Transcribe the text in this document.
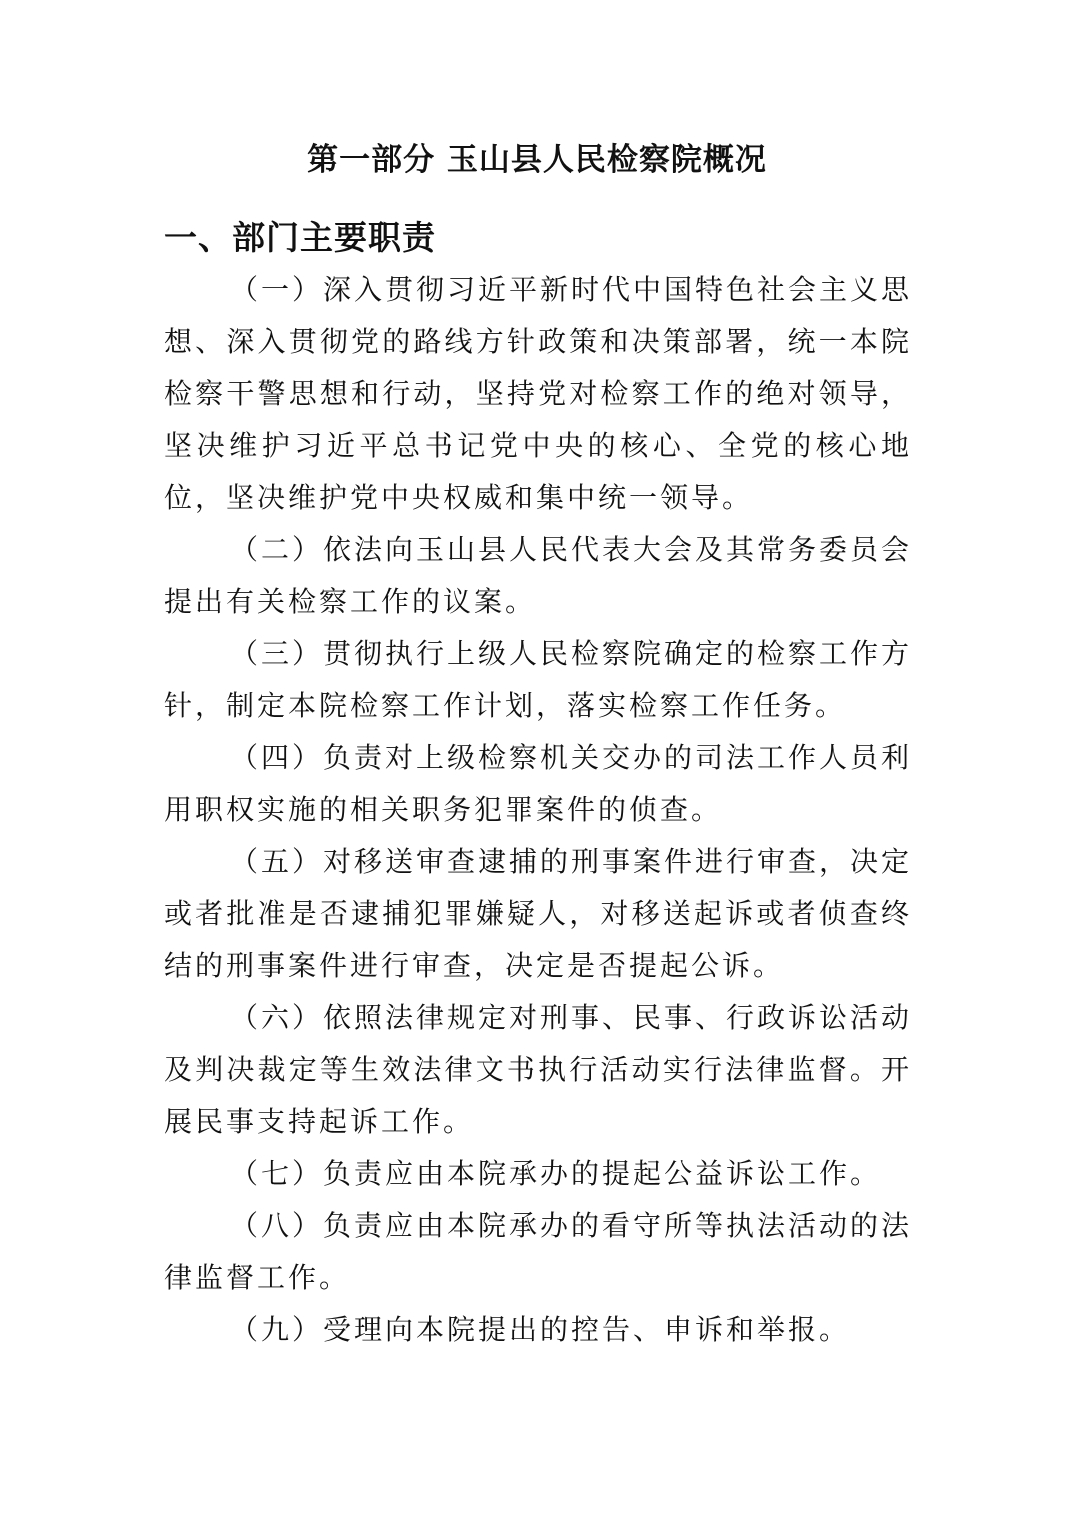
第一部分 玉山县人民检察院概况
一、部门主要职责

（一）深入贯彻习近平新时代中国特色社会主义思想、深入贯彻党的路线方针政策和决策部署，统一本院检察干警思想和行动，坚持党对检察工作的绝对领导，坚决维护习近平总书记党中央的核心、全党的核心地位，坚决维护党中央权威和集中统一领导。

（二）依法向玉山县人民代表大会及其常务委员会提出有关检察工作的议案。

（三）贯彻执行上级人民检察院确定的检察工作方针，制定本院检察工作计划，落实检察工作任务。

（四）负责对上级检察机关交办的司法工作人员利用职权实施的相关职务犯罪案件的侦查。

（五）对移送审查逮捕的刑事案件进行审查，决定或者批准是否逮捕犯罪嫌疑人，对移送起诉或者侦查终结的刑事案件进行审查，决定是否提起公诉。

（六）依照法律规定对刑事、民事、行政诉讼活动及判决裁定等生效法律文书执行活动实行法律监督。开展民事支持起诉工作。

（七）负责应由本院承办的提起公益诉讼工作。

（八）负责应由本院承办的看守所等执法活动的法律监督工作。

（九）受理向本院提出的控告、申诉和举报。
